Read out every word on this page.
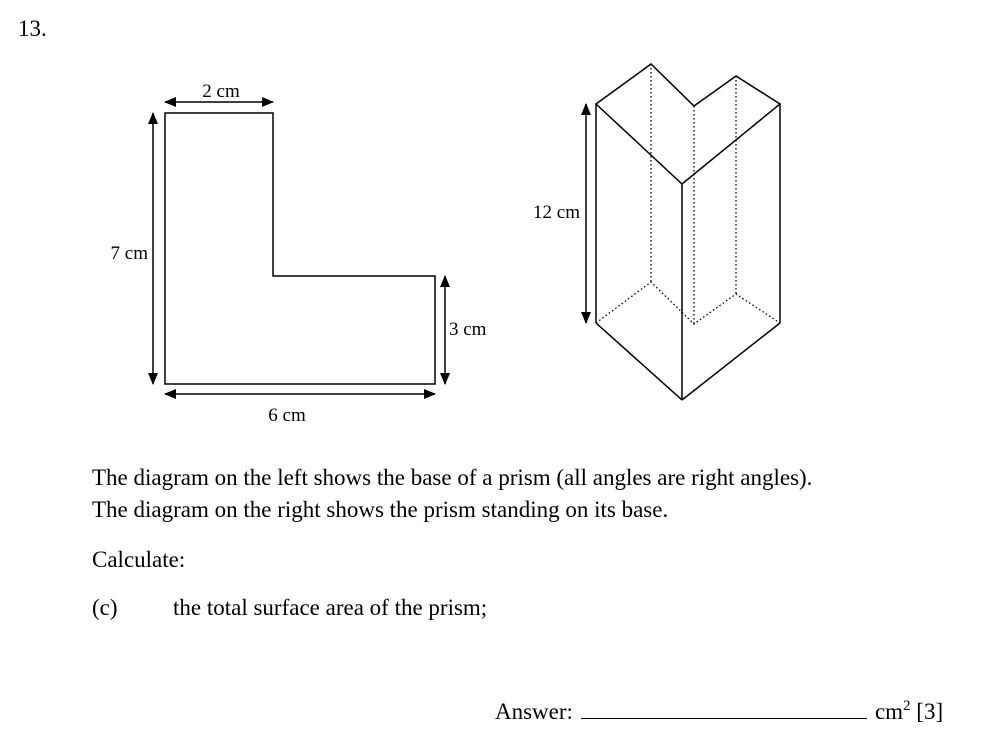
13.
2 cm
7 cm
3 cm
6 cm
12 cm
The diagram on the left shows the base of a prism (all angles are right angles).
The diagram on the right shows the prism standing on its base.
Calculate:
(c) the total surface area of the prism;
Answer:	$cm^2$ [3]
